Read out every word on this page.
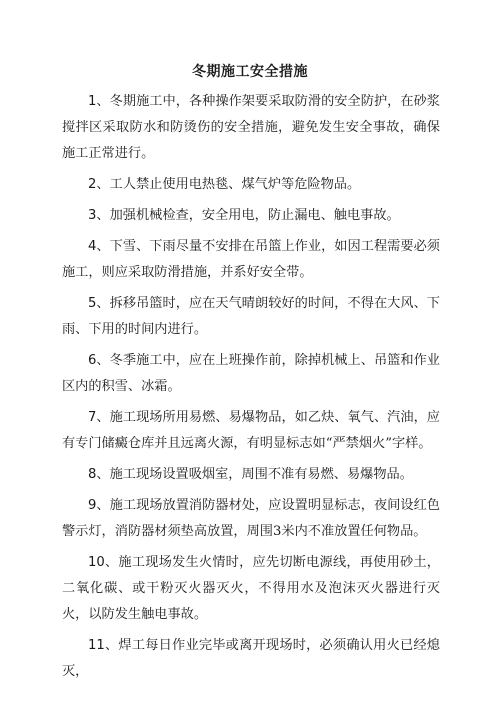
冬期施工安全措施

1、冬期施工中，各种操作架要采取防滑的安全防护，在砂浆搅拌区采取防水和防烫伤的安全措施，避免发生安全事故，确保施工正常进行。

2、工人禁止使用电热毯、煤气炉等危险物品。

3、加强机械检查，安全用电，防止漏电、触电事故。

4、下雪、下雨尽量不安排在吊篮上作业，如因工程需要必须施工，则应采取防滑措施，并系好安全带。

5、拆移吊篮时，应在天气晴朗较好的时间，不得在大风、下雨、下用的时间内进行。

6、冬季施工中，应在上班操作前，除掉机械上、吊篮和作业区内的积雪、冰霜。

7、施工现场所用易燃、易爆物品，如乙炔、氧气、汽油，应有专门储癜仓库并且远离火源，有明显标志如“严禁烟火”字样。

8、施工现场设置吸烟室，周围不准有易燃、易爆物品。

9、施工现场放置消防器材处，应设置明显标志，夜间设红色警示灯，消防器材须垫高放置，周围3米内不准放置任何物品。

10、施工现场发生火情时，应先切断电源线，再使用砂土，二氧化碳、或干粉灭火器灭火，不得用水及泡沫灭火器进行灭火，以防发生触电事故。

11、焊工每日作业完毕或离开现场时，必须确认用火已经熄灭，
